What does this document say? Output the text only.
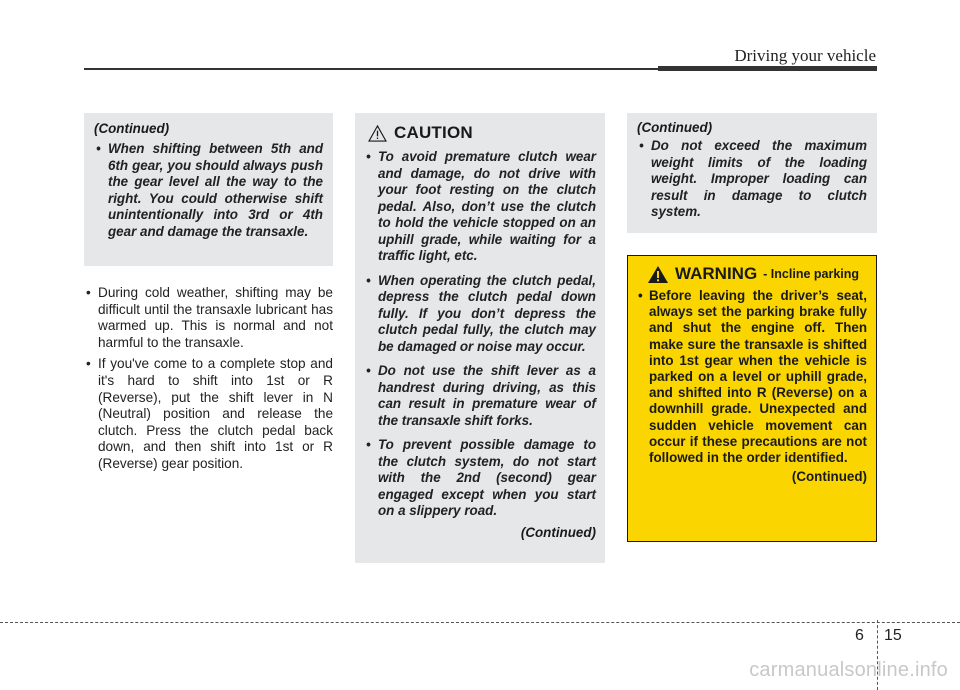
Driving your vehicle
(Continued)
• When shifting between 5th and 6th gear, you should always push the gear level all the way to the right. You could otherwise shift unintentionally into 3rd or 4th gear and damage the transaxle.
• During cold weather, shifting may be difficult until the transaxle lubricant has warmed up. This is normal and not harmful to the transaxle.
• If you've come to a complete stop and it's hard to shift into 1st or R (Reverse), put the shift lever in N (Neutral) position and release the clutch. Press the clutch pedal back down, and then shift into 1st or R (Reverse) gear position.
CAUTION
• To avoid premature clutch wear and damage, do not drive with your foot resting on the clutch pedal. Also, don’t use the clutch to hold the vehicle stopped on an uphill grade, while waiting for a traffic light, etc.
• When operating the clutch pedal, depress the clutch pedal down fully. If you don’t depress the clutch pedal fully, the clutch may be damaged or noise may occur.
• Do not use the shift lever as a handrest during driving, as this can result in premature wear of the transaxle shift forks.
• To prevent possible damage to the clutch system, do not start with the 2nd (second) gear engaged except when you start on a slippery road.
(Continued)
(Continued)
• Do not exceed the maximum weight limits of the loading weight. Improper loading can result in damage to clutch system.
WARNING - Incline parking
• Before leaving the driver’s seat, always set the parking brake fully and shut the engine off. Then make sure the transaxle is shifted into 1st gear when the vehicle is parked on a level or uphill grade, and shifted into R (Reverse) on a downhill grade. Unexpected and sudden vehicle movement can occur if these precautions are not followed in the order identified.
(Continued)
6 15
carmanualsonline.info
